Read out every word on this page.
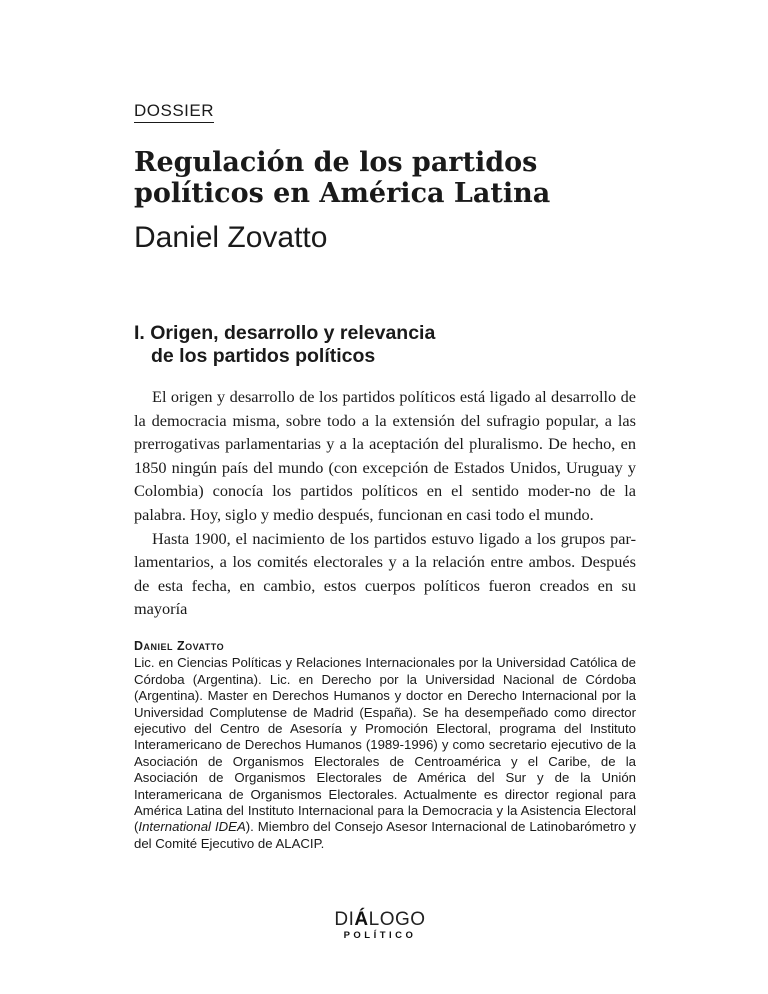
DOSSIER
Regulación de los partidos políticos en América Latina
Daniel Zovatto
I. Origen, desarrollo y relevancia
de los partidos políticos

El origen y desarrollo de los partidos políticos está ligado al desarrollo de la democracia misma, sobre todo a la extensión del sufragio popular, a las prerrogativas parlamentarias y a la aceptación del pluralismo. De hecho, en 1850 ningún país del mundo (con excepción de Estados Unidos, Uruguay y Colombia) conocía los partidos políticos en el sentido moder-no de la palabra. Hoy, siglo y medio después, funcionan en casi todo el mundo.

Hasta 1900, el nacimiento de los partidos estuvo ligado a los grupos par-lamentarios, a los comités electorales y a la relación entre ambos. Después de esta fecha, en cambio, estos cuerpos políticos fueron creados en su mayoría

Daniel Zovatto

Lic. en Ciencias Políticas y Relaciones Internacionales por la Universidad Católica de Córdoba (Argentina). Lic. en Derecho por la Universidad Nacional de Córdoba (Argentina). Master en Derechos Humanos y doctor en Derecho Internacional por la Universidad Complutense de Madrid (España). Se ha desempeñado como director ejecutivo del Centro de Asesoría y Promoción Electoral, programa del Instituto Interamericano de Derechos Humanos (1989-1996) y como secretario ejecutivo de la Asociación de Organismos Electorales de Centroamérica y el Caribe, de la Asociación de Organismos Electorales de América del Sur y de la Unión Interamericana de Organismos Electorales. Actualmente es director regional para América Latina del Instituto Internacional para la Democracia y la Asistencia Electoral (International IDEA). Miembro del Consejo Asesor Internacional de Latinobarómetro y del Comité Ejecutivo de ALACIP.

DIÁLOGO
POLÍTICO
